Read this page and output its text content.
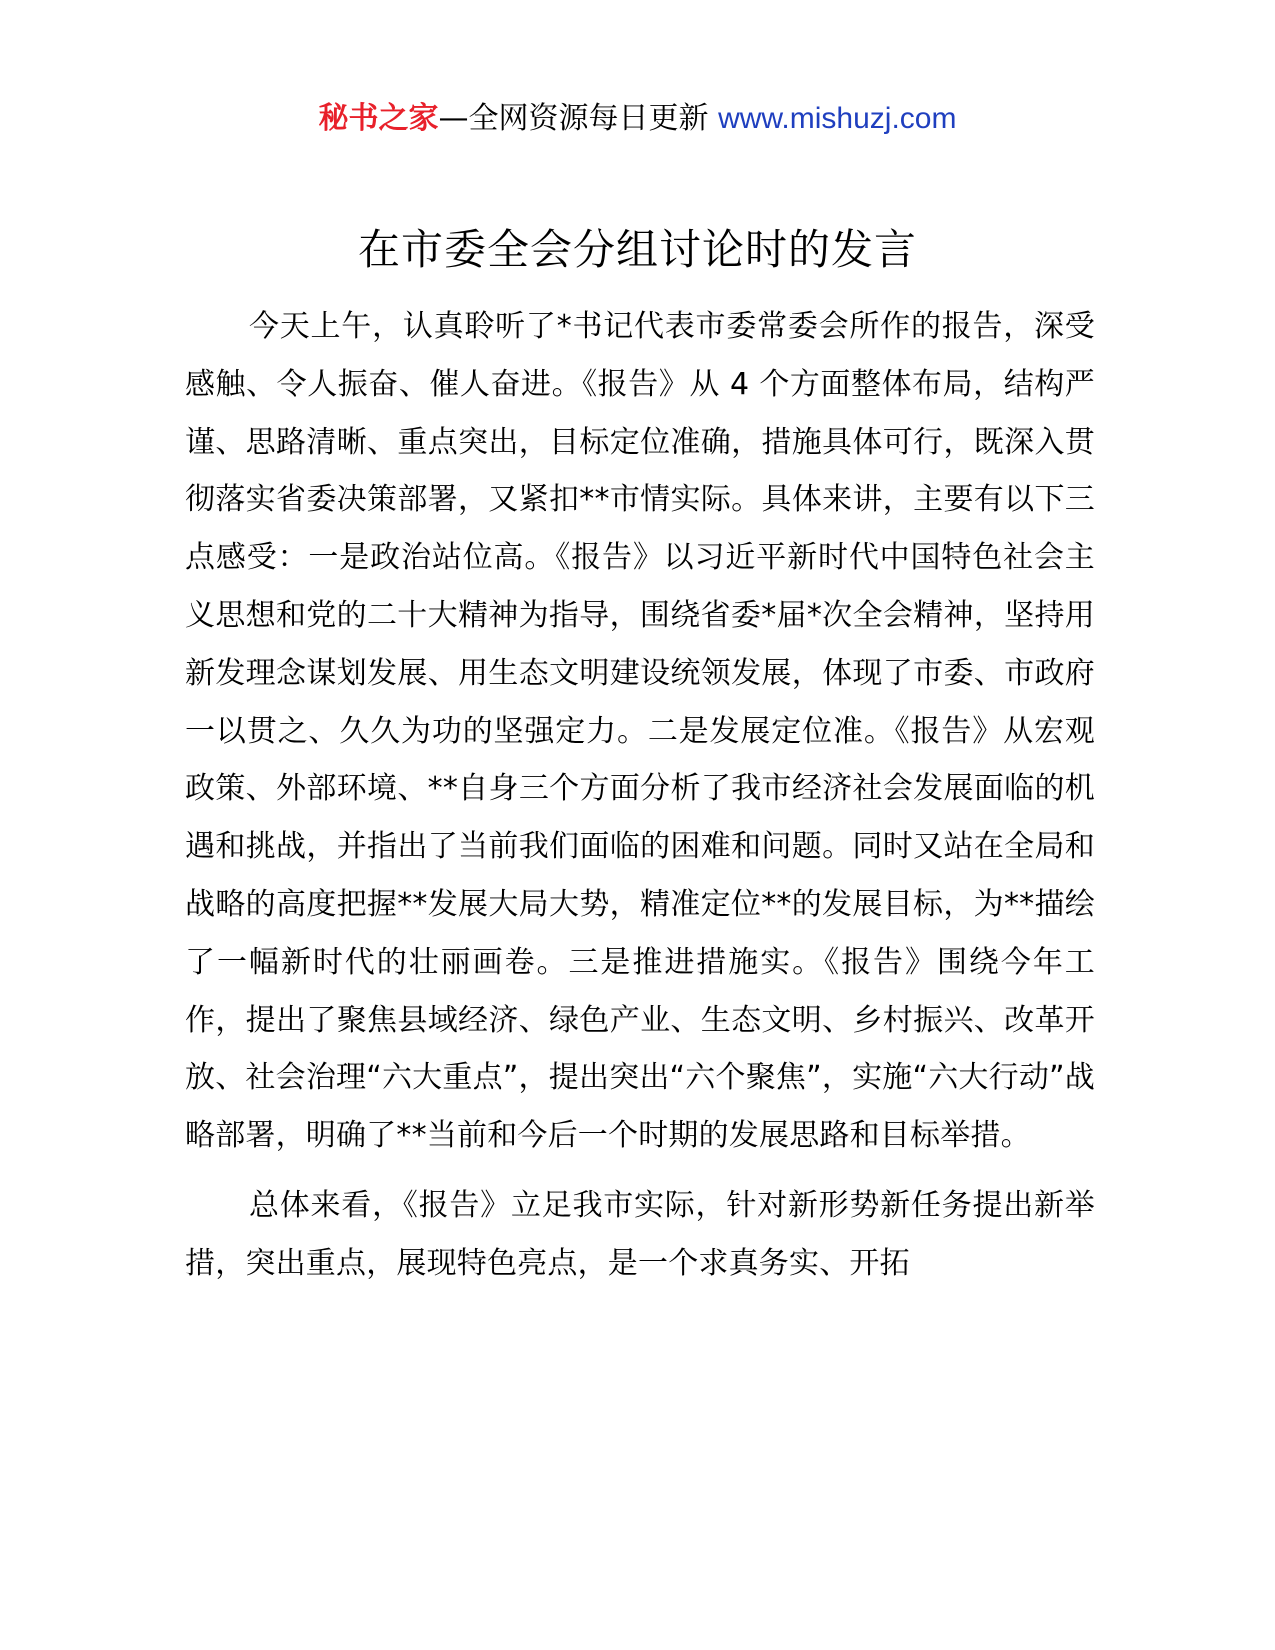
秘书之家—全网资源每日更新 www.mishuzj.com
在市委全会分组讨论时的发言

今天上午，认真聆听了*书记代表市委常委会所作的报告，深受感触、令人振奋、催人奋进。《报告》从 4 个方面整体布局，结构严谨、思路清晰、重点突出，目标定位准确，措施具体可行，既深入贯彻落实省委决策部署，又紧扣**市情实际。具体来讲，主要有以下三点感受：一是政治站位高。《报告》以习近平新时代中国特色社会主义思想和党的二十大精神为指导，围绕省委*届*次全会精神，坚持用新发理念谋划发展、用生态文明建设统领发展，体现了市委、市政府一以贯之、久久为功的坚强定力。二是发展定位准。《报告》从宏观政策、外部环境、**自身三个方面分析了我市经济社会发展面临的机遇和挑战，并指出了当前我们面临的困难和问题。同时又站在全局和战略的高度把握**发展大局大势，精准定位**的发展目标，为**描绘了一幅新时代的壮丽画卷。三是推进措施实。《报告》围绕今年工作，提出了聚焦县域经济、绿色产业、生态文明、乡村振兴、改革开放、社会治理“六大重点”，提出突出“六个聚焦”，实施“六大行动”战略部署，明确了**当前和今后一个时期的发展思路和目标举措。

总体来看，《报告》立足我市实际，针对新形势新任务提出新举措，突出重点，展现特色亮点，是一个求真务实、开拓
